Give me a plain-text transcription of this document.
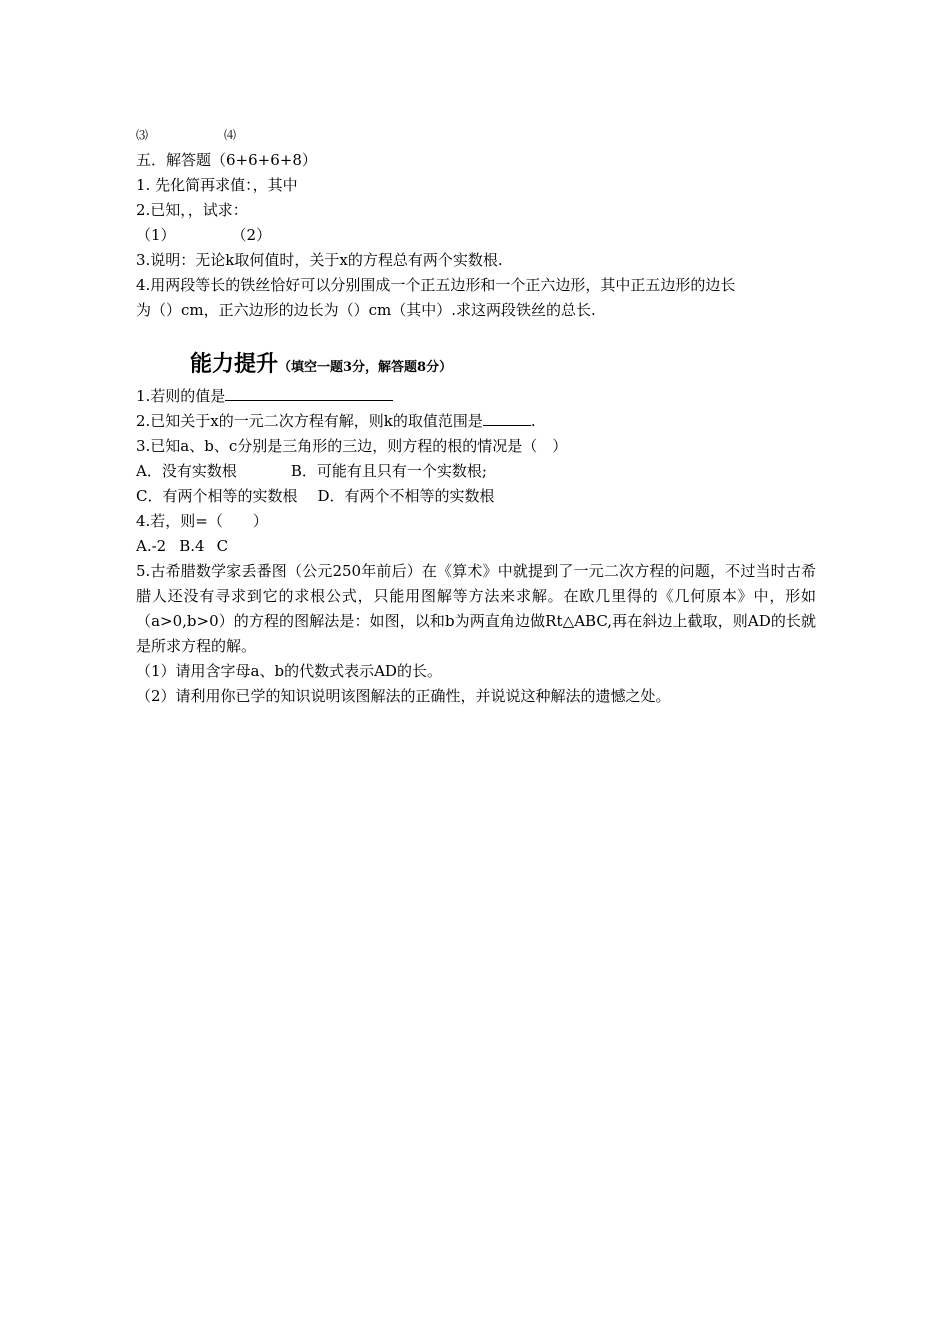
⑶	⑷
五．解答题（6+6+6+8）
1. 先化简再求值：，其中
2.已知，，试求：
（1）	（2）
3.说明：无论k取何值时，关于x的方程总有两个实数根.
4.用两段等长的铁丝恰好可以分别围成一个正五边形和一个正六边形，其中正五边形的边长
为（）cm，正六边形的边长为（）cm（其中）.求这两段铁丝的总长.
能力提升（填空一题3分，解答题8分）
1.若则的值是
2.已知关于x的一元二次方程有解，则k的取值范围是	.
3.已知a、b、c分别是三角形的三边，则方程的根的情况是（　）
A．没有实数根	B．可能有且只有一个实数根;
C．有两个相等的实数根 D．有两个不相等的实数根
4.若，则=（　　）
A.-2 B.4 C
5.古希腊数学家丢番图（公元250年前后）在《算术》中就提到了一元二次方程的问题，不过当时古希腊人还没有寻求到它的求根公式，只能用图解等方法来求解。在欧几里得的《几何原本》中，形如（a>0,b>0）的方程的图解法是：如图，以和b为两直角边做Rt△ABC,再在斜边上截取，则AD的长就是所求方程的解。
（1）请用含字母a、b的代数式表示AD的长。
（2）请利用你已学的知识说明该图解法的正确性，并说说这种解法的遗憾之处。
